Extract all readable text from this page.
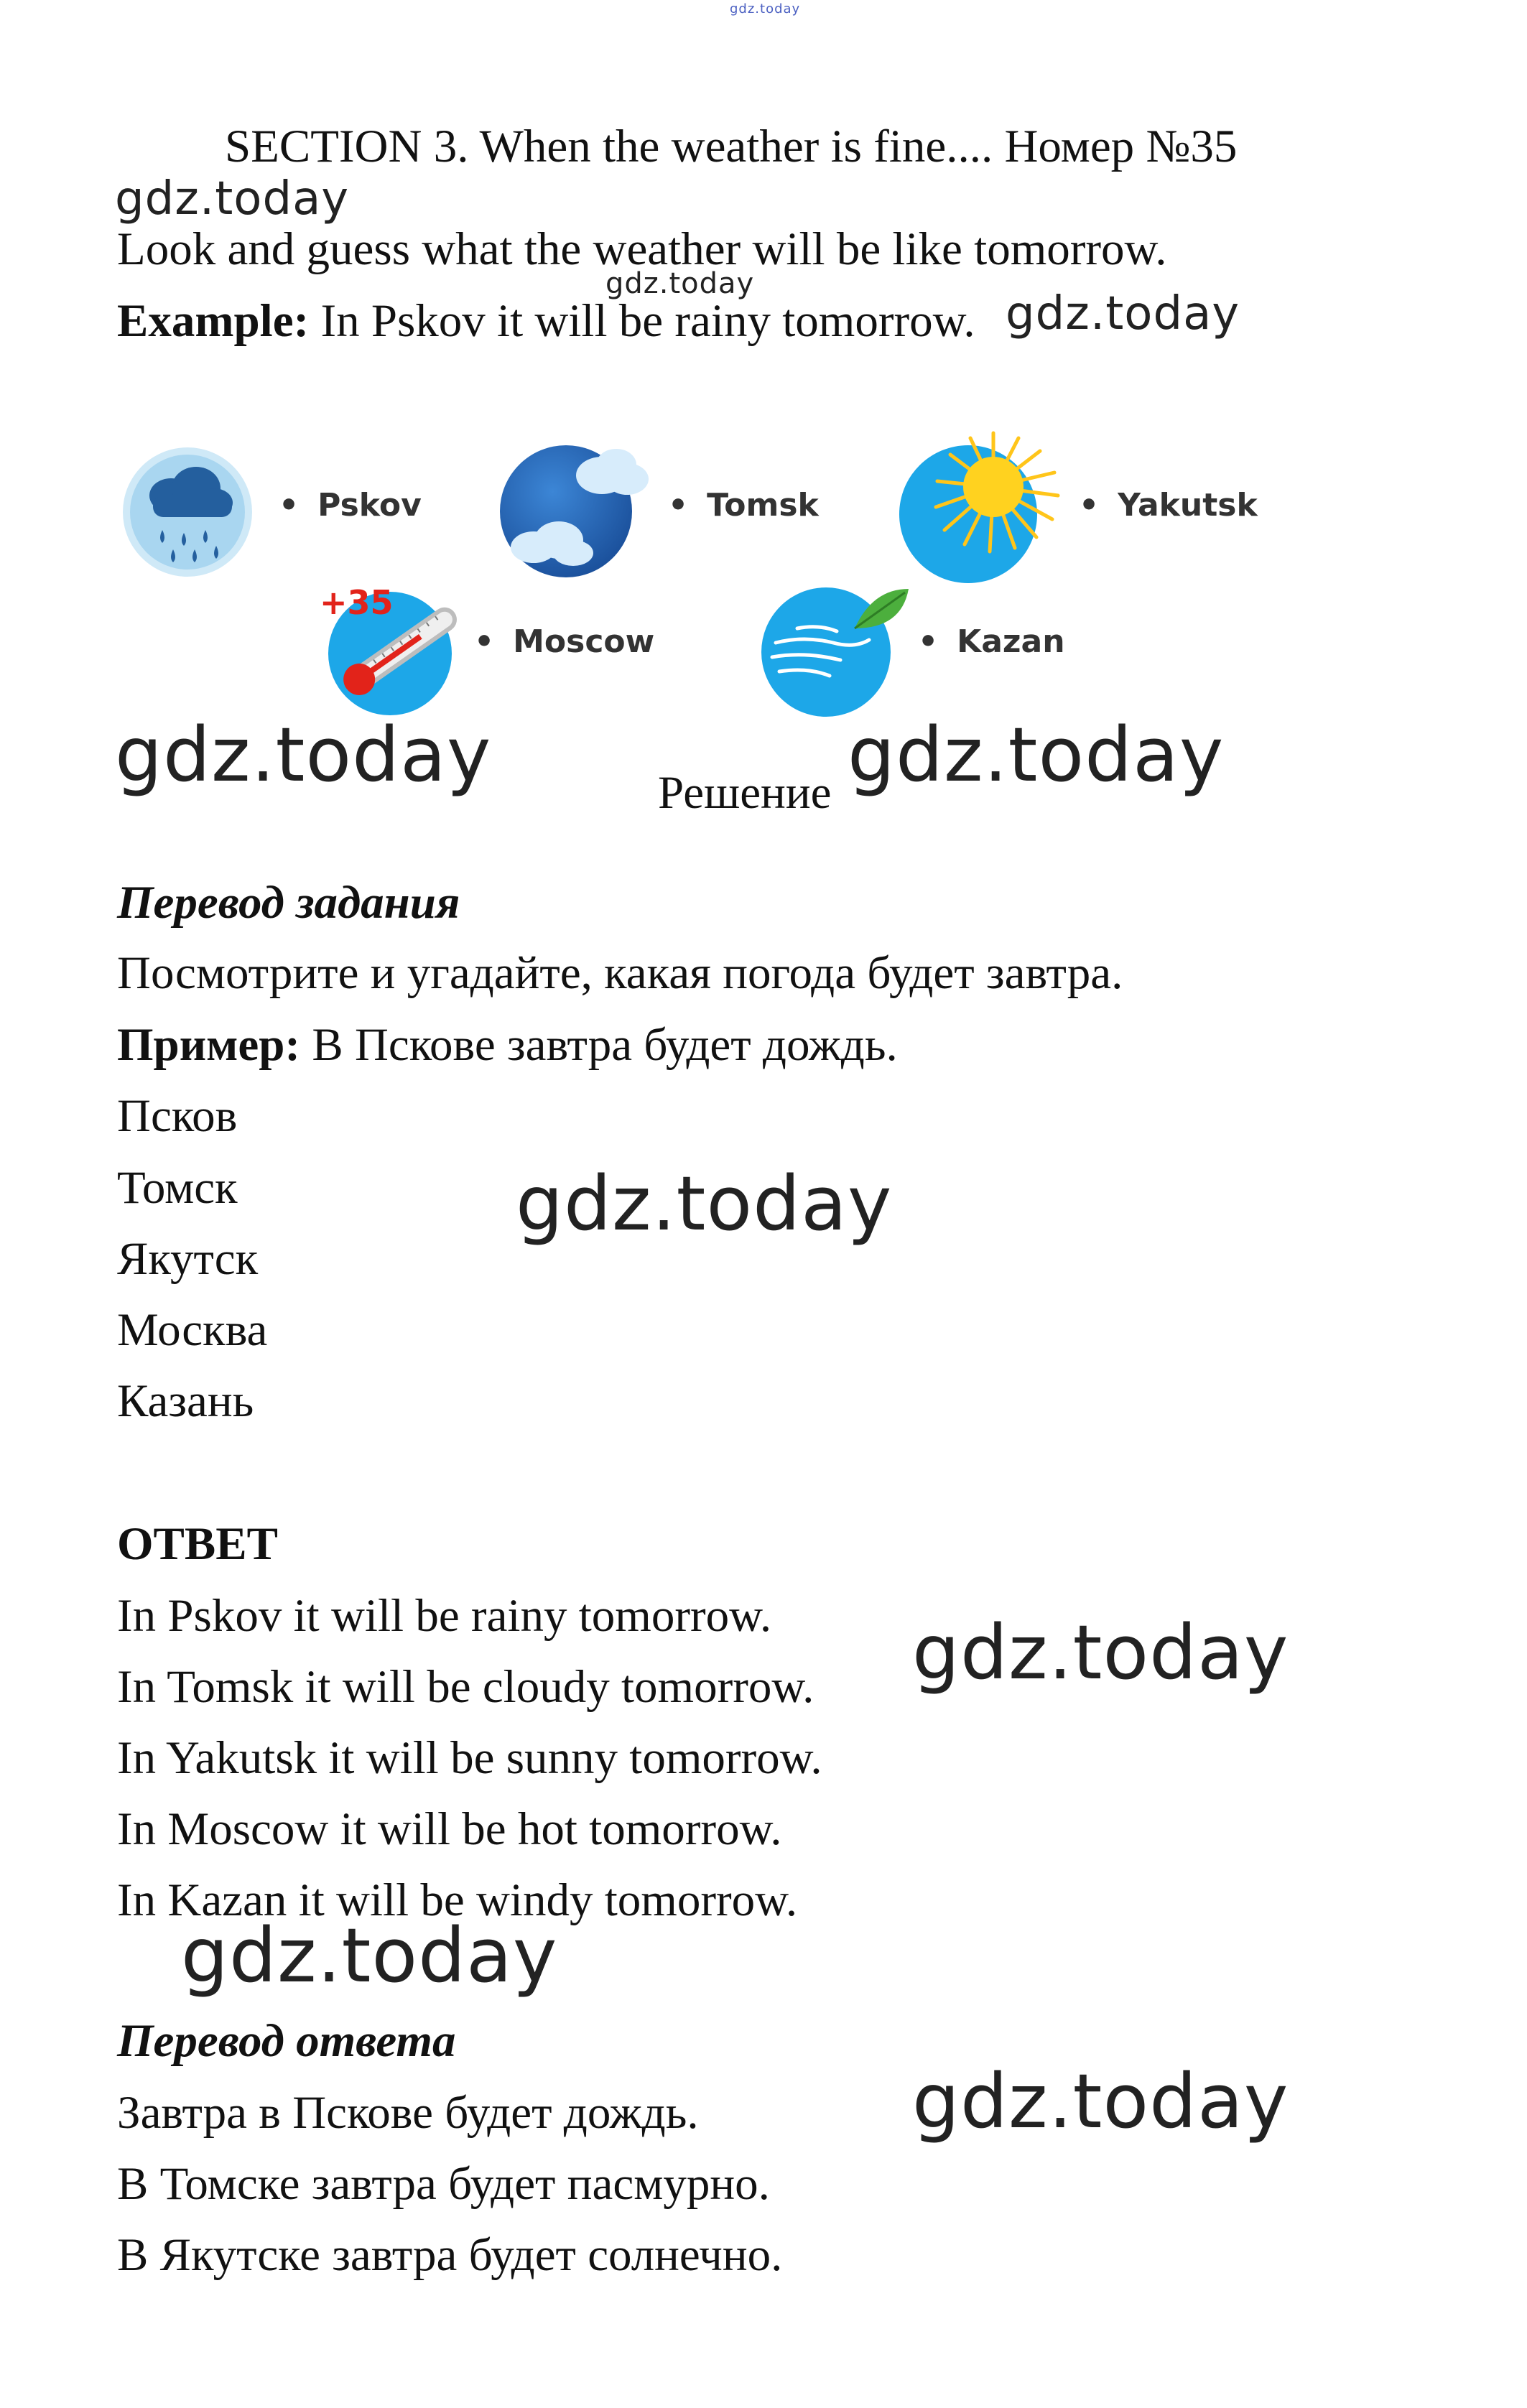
gdz.today
SECTION 3. When the weather is fine.... Номер №35
gdz.today
Look and guess what the weather will be like tomorrow.
gdz.today
Example: In Pskov it will be rainy tomorrow. gdz.today
• Pskov	• Tomsk	• Yakutsk
+35
• Moscow	• Kazan
gdz.today	gdz.today
Решение
Перевод задания
Посмотрите и угадайте, какая погода будет завтра.
Пример: В Пскове завтра будет дождь.
Псков
Томск
Якутск
Москва
Казань
gdz.today
ОТВЕТ
In Pskov it will be rainy tomorrow.
In Tomsk it will be cloudy tomorrow.
In Yakutsk it will be sunny tomorrow.
In Moscow it will be hot tomorrow.
In Kazan it will be windy tomorrow.
gdz.today
gdz.today
Перевод ответа
Завтра в Пскове будет дождь.
В Томске завтра будет пасмурно.
В Якутске завтра будет солнечно.
gdz.today
